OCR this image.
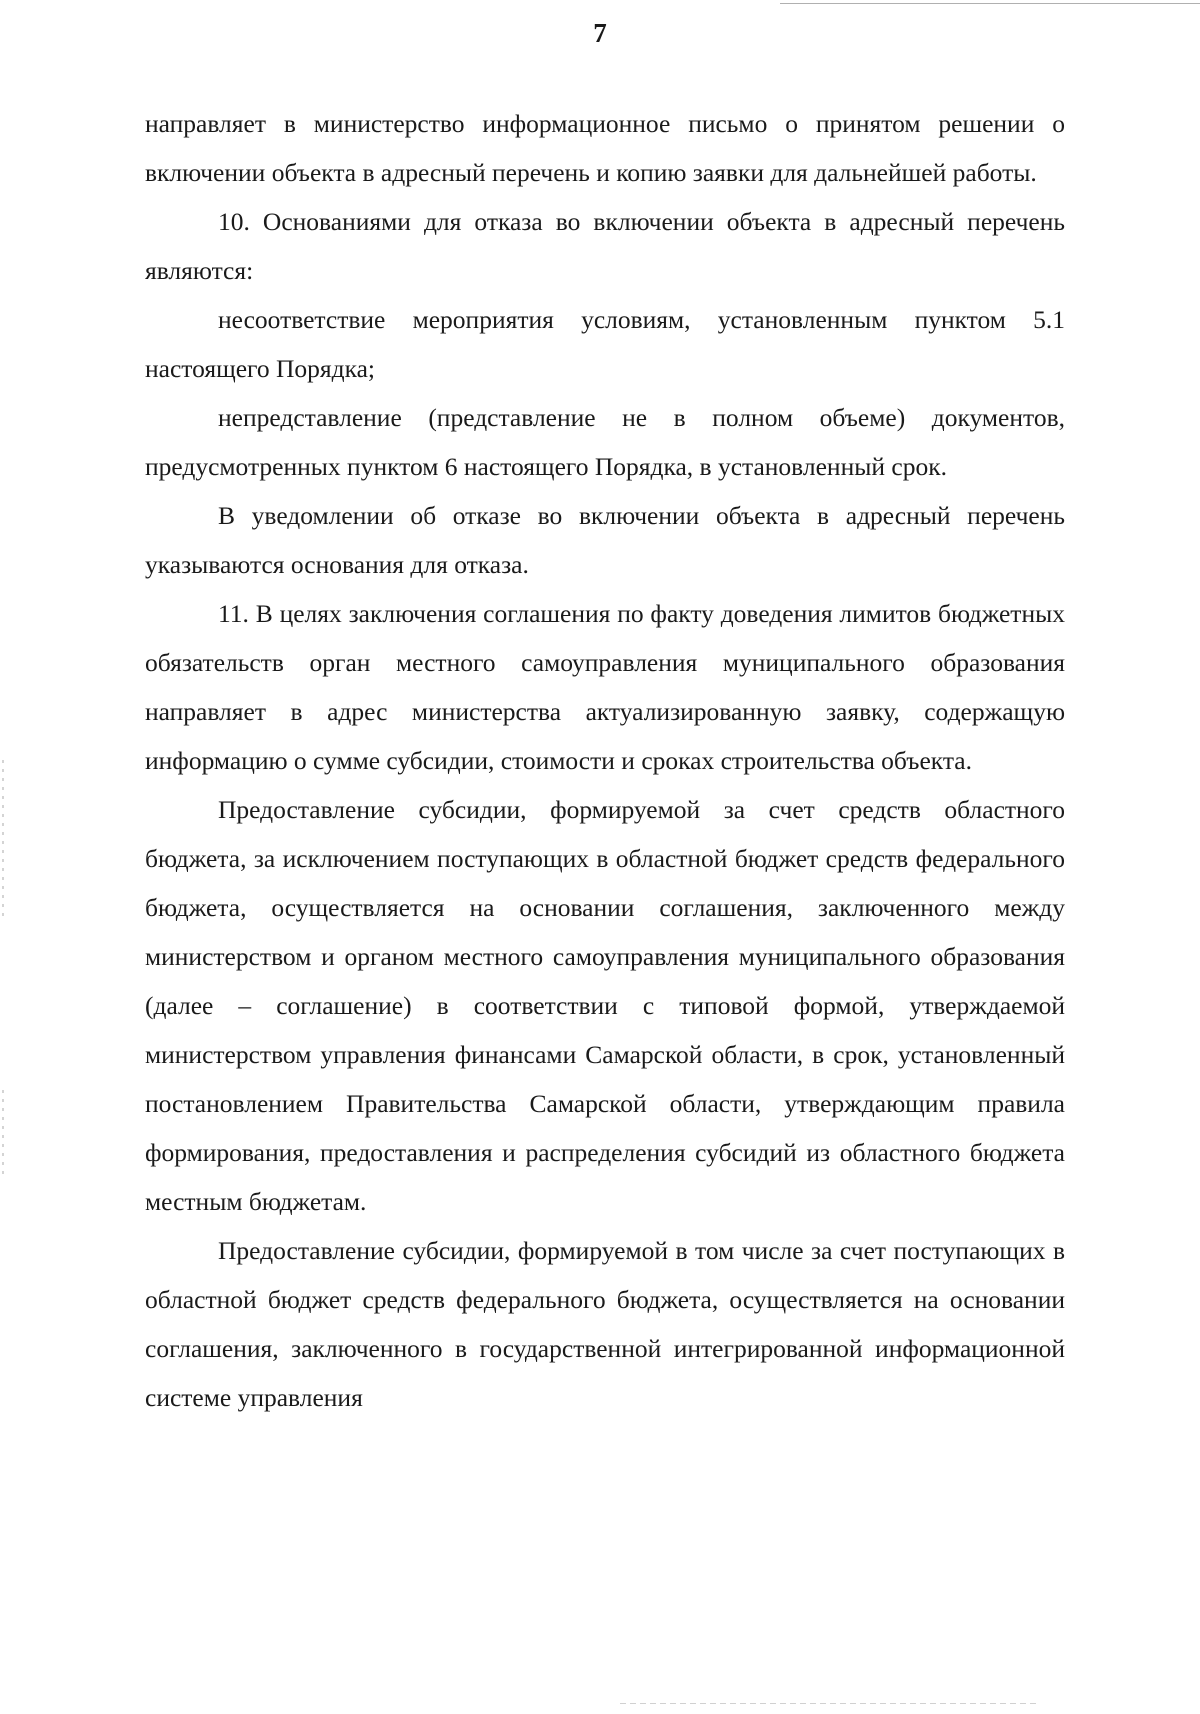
7

направляет в министерство информационное письмо о принятом решении о включении объекта в адресный перечень и копию заявки для дальнейшей работы.

10. Основаниями для отказа во включении объекта в адресный перечень являются:

несоответствие мероприятия условиям, установленным пунктом 5.1 настоящего Порядка;

непредставление (представление не в полном объеме) документов, предусмотренных пунктом 6 настоящего Порядка, в установленный срок.

В уведомлении об отказе во включении объекта в адресный перечень указываются основания для отказа.

11. В целях заключения соглашения по факту доведения лимитов бюджетных обязательств орган местного самоуправления муниципального образования направляет в адрес министерства актуализированную заявку, содержащую информацию о сумме субсидии, стоимости и сроках строительства объекта.

Предоставление субсидии, формируемой за счет средств областного бюджета, за исключением поступающих в областной бюджет средств федерального бюджета, осуществляется на основании соглашения, заключенного между министерством и органом местного самоуправления муниципального образования (далее – соглашение) в соответствии с типовой формой, утверждаемой министерством управления финансами Самарской области, в срок, установленный постановлением Правительства Самарской области, утверждающим правила формирования, предоставления и распределения субсидий из областного бюджета местным бюджетам.

Предоставление субсидии, формируемой в том числе за счет поступающих в областной бюджет средств федерального бюджета, осуществляется на основании соглашения, заключенного в государственной интегрированной информационной системе управления
